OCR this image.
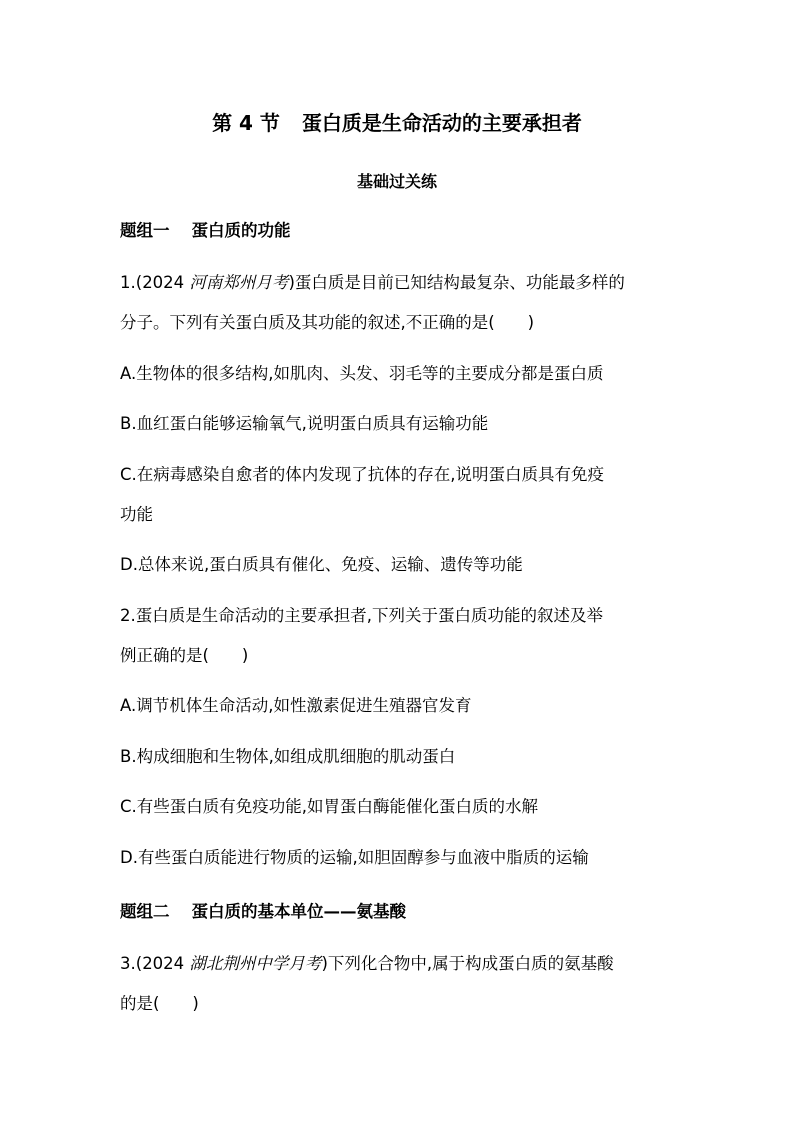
第 4 节 蛋白质是生命活动的主要承担者
基础过关练
题组一 蛋白质的功能
1.(2024 河南郑州月考)蛋白质是目前已知结构最复杂、功能最多样的
分子。下列有关蛋白质及其功能的叙述,不正确的是(　　)
A.生物体的很多结构,如肌肉、头发、羽毛等的主要成分都是蛋白质
B.血红蛋白能够运输氧气,说明蛋白质具有运输功能
C.在病毒感染自愈者的体内发现了抗体的存在,说明蛋白质具有免疫
功能
D.总体来说,蛋白质具有催化、免疫、运输、遗传等功能
2.蛋白质是生命活动的主要承担者,下列关于蛋白质功能的叙述及举
例正确的是(　　)
A.调节机体生命活动,如性激素促进生殖器官发育
B.构成细胞和生物体,如组成肌细胞的肌动蛋白
C.有些蛋白质有免疫功能,如胃蛋白酶能催化蛋白质的水解
D.有些蛋白质能进行物质的运输,如胆固醇参与血液中脂质的运输
题组二 蛋白质的基本单位——氨基酸
3.(2024 湖北荆州中学月考)下列化合物中,属于构成蛋白质的氨基酸
的是(　　)
